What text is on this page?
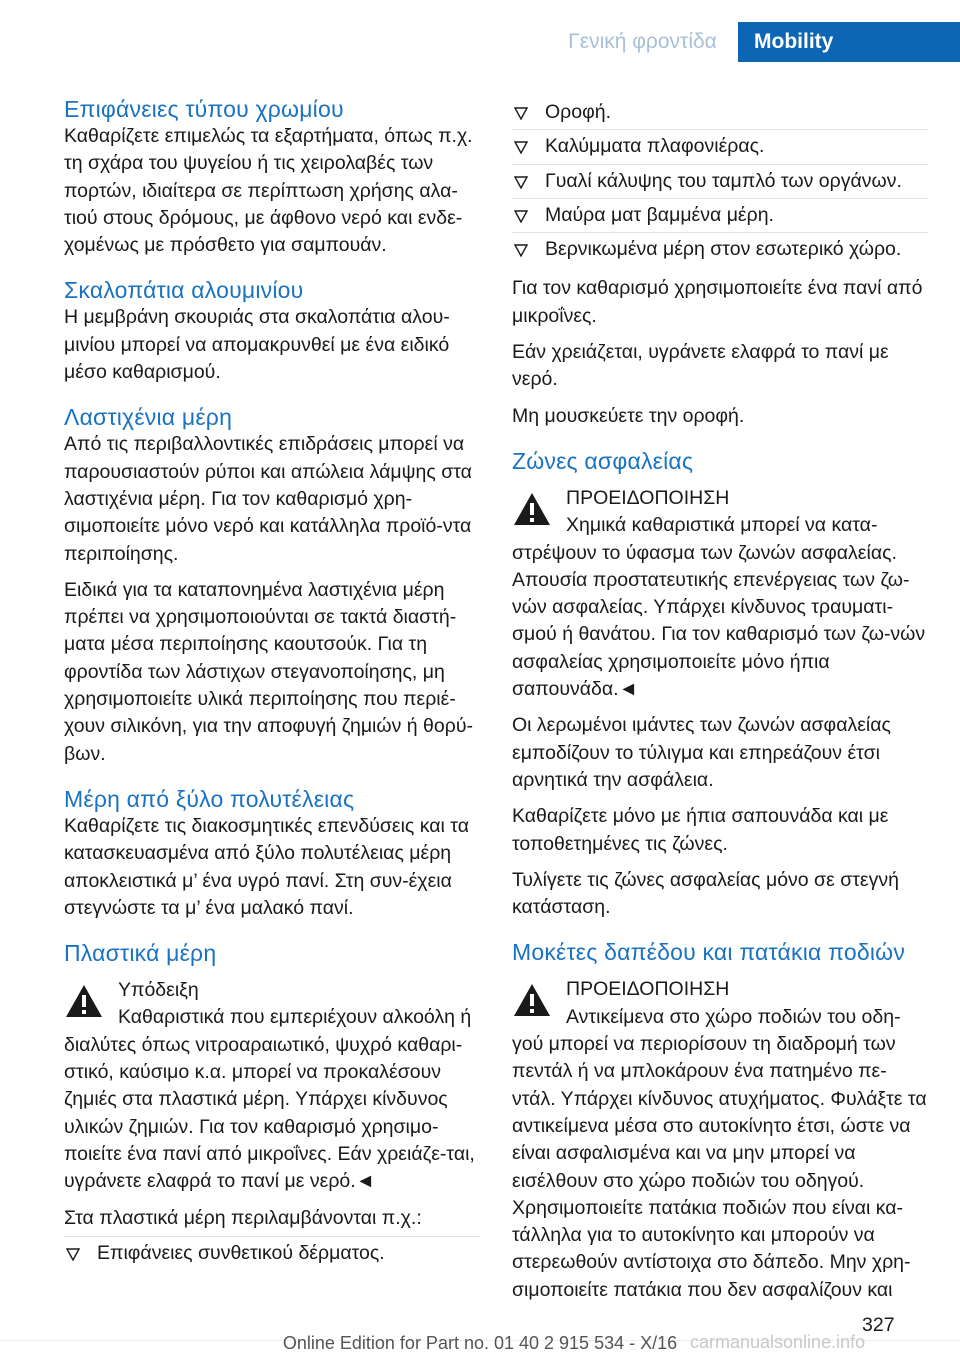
Γενική φροντίδα	Mobility
Επιφάνειες τύπου χρωμίου

Καθαρίζετε επιμελώς τα εξαρτήματα, όπως π.χ. τη σχάρα του ψυγείου ή τις χειρολαβές των πορτών, ιδιαίτερα σε περίπτωση χρήσης αλα‐τιού στους δρόμους, με άφθονο νερό και ενδε‐χομένως με πρόσθετο για σαμπουάν.

Σκαλοπάτια αλουμινίου

Η μεμβράνη σκουριάς στα σκαλοπάτια αλου‐μινίου μπορεί να απομακρυνθεί με ένα ειδικό μέσο καθαρισμού.

Λαστιχένια μέρη

Από τις περιβαλλοντικές επιδράσεις μπορεί να παρουσιαστούν ρύποι και απώλεια λάμψης στα λαστιχένια μέρη. Για τον καθαρισμό χρη‐σιμοποιείτε μόνο νερό και κατάλληλα προϊό‐ντα περιποίησης.

Ειδικά για τα καταπονημένα λαστιχένια μέρη πρέπει να χρησιμοποιούνται σε τακτά διαστή‐ματα μέσα περιποίησης καουτσούκ. Για τη φροντίδα των λάστιχων στεγανοποίησης, μη χρησιμοποιείτε υλικά περιποίησης που περιέ‐χουν σιλικόνη, για την αποφυγή ζημιών ή θορύ‐βων.

Μέρη από ξύλο πολυτέλειας

Καθαρίζετε τις διακοσμητικές επενδύσεις και τα κατασκευασμένα από ξύλο πολυτέλειας μέρη αποκλειστικά μ’ ένα υγρό πανί. Στη συν‐έχεια στεγνώστε τα μ’ ένα μαλακό πανί.

Πλαστικά μέρη

Υπόδειξη

Καθαριστικά που εμπεριέχουν αλκοόλη ή διαλύτες όπως νιτροαραιωτικό, ψυχρό καθαρι‐στικό, καύσιμο κ.α. μπορεί να προκαλέσουν ζημιές στα πλαστικά μέρη. Υπάρχει κίνδυνος υλικών ζημιών. Για τον καθαρισμό χρησιμο‐ποιείτε ένα πανί από μικροΐνες. Εάν χρειάζε‐ται, υγράνετε ελαφρά το πανί με νερό.◄

Στα πλαστικά μέρη περιλαμβάνονται π.χ.:

Επιφάνειες συνθετικού δέρματος.
Οροφή.
Καλύμματα πλαφονιέρας.
Γυαλί κάλυψης του ταμπλό των οργάνων.
Μαύρα ματ βαμμένα μέρη.
Βερνικωμένα μέρη στον εσωτερικό χώρο.

Για τον καθαρισμό χρησιμοποιείτε ένα πανί από μικροΐνες.

Εάν χρειάζεται, υγράνετε ελαφρά το πανί με νερό.

Μη μουσκεύετε την οροφή.

Ζώνες ασφαλείας

ΠΡΟΕΙΔΟΠΟΙΗΣΗ

Χημικά καθαριστικά μπορεί να κατα‐στρέψουν το ύφασμα των ζωνών ασφαλείας. Απουσία προστατευτικής επενέργειας των ζω‐νών ασφαλείας. Υπάρχει κίνδυνος τραυματι‐σμού ή θανάτου. Για τον καθαρισμό των ζω‐νών ασφαλείας χρησιμοποιείτε μόνο ήπια σαπουνάδα.◄

Οι λερωμένοι ιμάντες των ζωνών ασφαλείας εμποδίζουν το τύλιγμα και επηρεάζουν έτσι αρνητικά την ασφάλεια.

Καθαρίζετε μόνο με ήπια σαπουνάδα και με τοποθετημένες τις ζώνες.

Τυλίγετε τις ζώνες ασφαλείας μόνο σε στεγνή κατάσταση.

Μοκέτες δαπέδου και πατάκια ποδιών

ΠΡΟΕΙΔΟΠΟΙΗΣΗ

Αντικείμενα στο χώρο ποδιών του οδη‐γού μπορεί να περιορίσουν τη διαδρομή των πεντάλ ή να μπλοκάρουν ένα πατημένο πε‐ντάλ. Υπάρχει κίνδυνος ατυχήματος. Φυλάξτε τα αντικείμενα μέσα στο αυτοκίνητο έτσι, ώστε να είναι ασφαλισμένα και να μην μπορεί να εισέλθουν στο χώρο ποδιών του οδηγού. Χρησιμοποιείτε πατάκια ποδιών που είναι κα‐τάλληλα για το αυτοκίνητο και μπορούν να στερεωθούν αντίστοιχα στο δάπεδο. Μην χρη‐σιμοποιείτε πατάκια που δεν ασφαλίζουν και

327
Online Edition for Part no. 01 40 2 915 534 - X/16 carmanualsonline.info
